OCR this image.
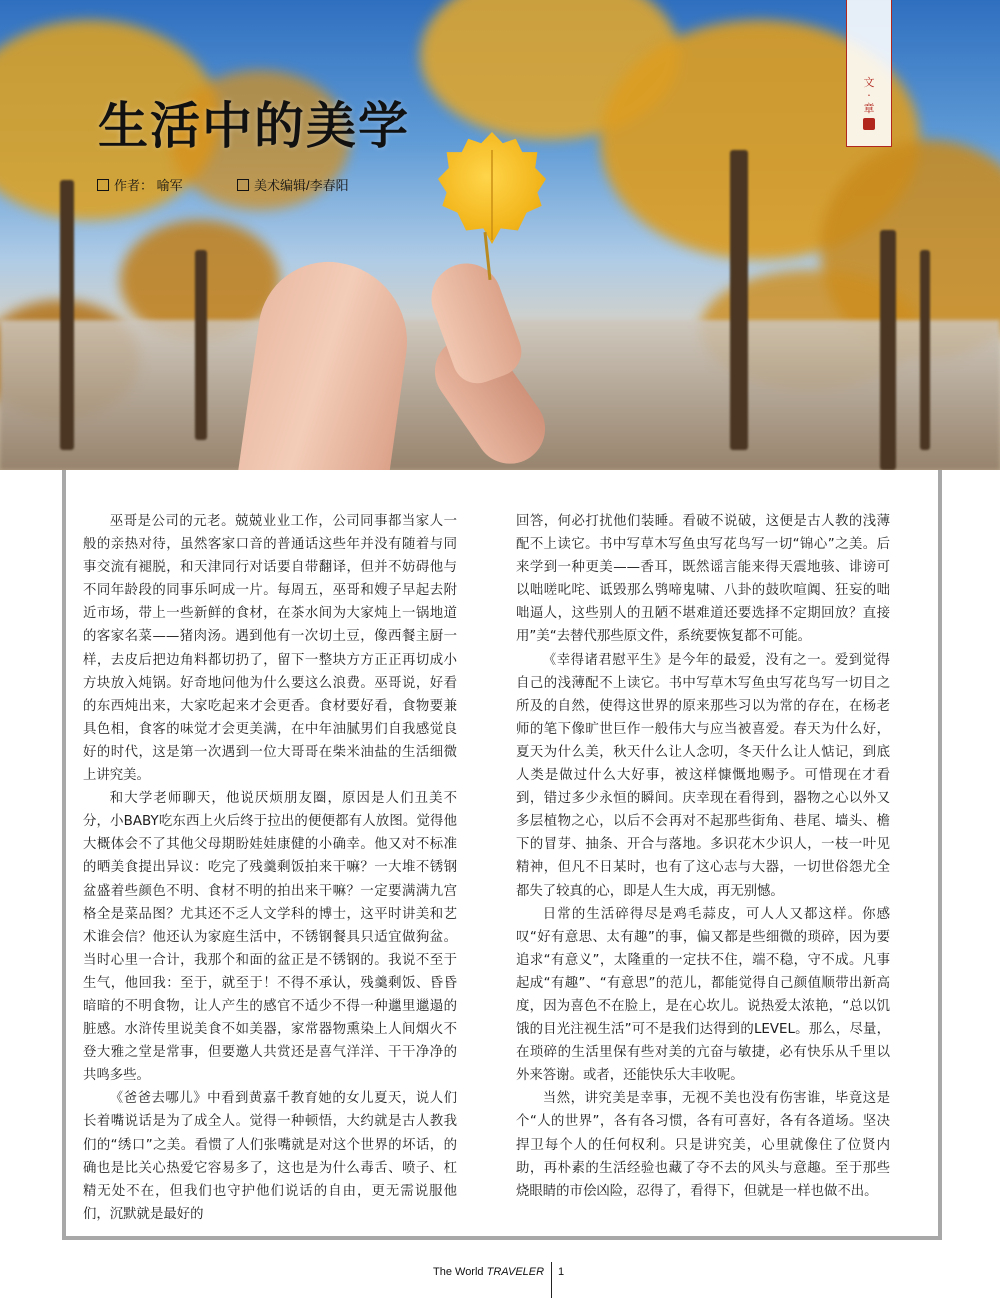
生活中的美学
作者： 喻军	美术编辑/李春阳
文
·
章

巫哥是公司的元老。兢兢业业工作，公司同事都当家人一般的亲热对待，虽然客家口音的普通话这些年并没有随着与同事交流有褪脱，和天津同行对话要自带翻译，但并不妨碍他与不同年龄段的同事乐呵成一片。每周五，巫哥和嫂子早起去附近市场，带上一些新鲜的食材，在茶水间为大家炖上一锅地道的客家名菜——猪肉汤。遇到他有一次切土豆，像西餐主厨一样，去皮后把边角料都切扔了，留下一整块方方正正再切成小方块放入炖锅。好奇地问他为什么要这么浪费。巫哥说，好看的东西炖出来，大家吃起来才会更香。食材要好看，食物要兼具色相，食客的味觉才会更美满，在中年油腻男们自我感觉良好的时代，这是第一次遇到一位大哥哥在柴米油盐的生活细微上讲究美。

和大学老师聊天，他说厌烦朋友圈，原因是人们丑美不分，小BABY吃东西上火后终于拉出的便便都有人放图。觉得他大概体会不了其他父母期盼娃娃康健的小确幸。他又对不标准的晒美食提出异议：吃完了残羹剩饭拍来干嘛？一大堆不锈钢盆盛着些颜色不明、食材不明的拍出来干嘛？一定要满满九宫格全是菜品图？尤其还不乏人文学科的博士，这平时讲美和艺术谁会信？他还认为家庭生活中，不锈钢餐具只适宜做狗盆。当时心里一合计，我那个和面的盆正是不锈钢的。我说不至于生气，他回我：至于，就至于！不得不承认，残羹剩饭、昏昏暗暗的不明食物，让人产生的感官不适少不得一种邋里邋遢的脏感。水浒传里说美食不如美器，家常器物熏染上人间烟火不登大雅之堂是常事，但要邀人共赏还是喜气洋洋、干干净净的共鸣多些。

《爸爸去哪儿》中看到黄嘉千教育她的女儿夏天，说人们长着嘴说话是为了成全人。觉得一种顿悟，大约就是古人教我们的“绣口”之美。看惯了人们张嘴就是对这个世界的坏话，的确也是比关心热爱它容易多了，这也是为什么毒舌、喷子、杠精无处不在，但我们也守护他们说话的自由，更无需说服他们，沉默就是最好的

回答，何必打扰他们装睡。看破不说破，这便是古人教的浅薄配不上读它。书中写草木写鱼虫写花鸟写一切“锦心”之美。后来学到一种更美——香耳，既然谣言能来得天震地骇、诽谤可以咄嗟叱咤、诋毁那么鸮啼鬼啸、八卦的鼓吹喧阗、狂妄的咄咄逼人，这些别人的丑陋不堪难道还要选择不定期回放？直接用”美“去替代那些原文件，系统要恢复都不可能。

《幸得诸君慰平生》是今年的最爱，没有之一。爱到觉得自己的浅薄配不上读它。书中写草木写鱼虫写花鸟写一切目之所及的自然，使得这世界的原来那些习以为常的存在，在杨老师的笔下像旷世巨作一般伟大与应当被喜爱。春天为什么好，夏天为什么美，秋天什么让人念叨，冬天什么让人惦记，到底人类是做过什么大好事，被这样慷慨地赐予。可惜现在才看到，错过多少永恒的瞬间。庆幸现在看得到，器物之心以外又多层植物之心，以后不会再对不起那些街角、巷尾、墙头、檐下的冒芽、抽条、开合与落地。多识花木少识人，一枝一叶见精神，但凡不日某时，也有了这心志与大器，一切世俗怨尤全都失了较真的心，即是人生大成，再无别憾。

日常的生活碎得尽是鸡毛蒜皮，可人人又都这样。你感叹“好有意思、太有趣”的事，偏又都是些细微的琐碎，因为要追求“有意义”，太隆重的一定扶不住，端不稳，守不成。凡事起成“有趣”、“有意思”的范儿，都能觉得自己颜值顺带出新高度，因为喜色不在脸上，是在心坎儿。说热爱太浓艳，“总以饥饿的目光注视生活”可不是我们达得到的LEVEL。那么，尽量，在琐碎的生活里保有些对美的亢奋与敏捷，必有快乐从千里以外来答谢。或者，还能快乐大丰收呢。

当然，讲究美是幸事，无视不美也没有伤害谁，毕竟这是个“人的世界”，各有各习惯，各有可喜好，各有各道场。坚决捍卫每个人的任何权利。只是讲究美，心里就像住了位贤内助，再朴素的生活经验也藏了夺不去的风头与意趣。至于那些烧眼睛的市侩凶险，忍得了，看得下，但就是一样也做不出。

The World TRAVELER 1
